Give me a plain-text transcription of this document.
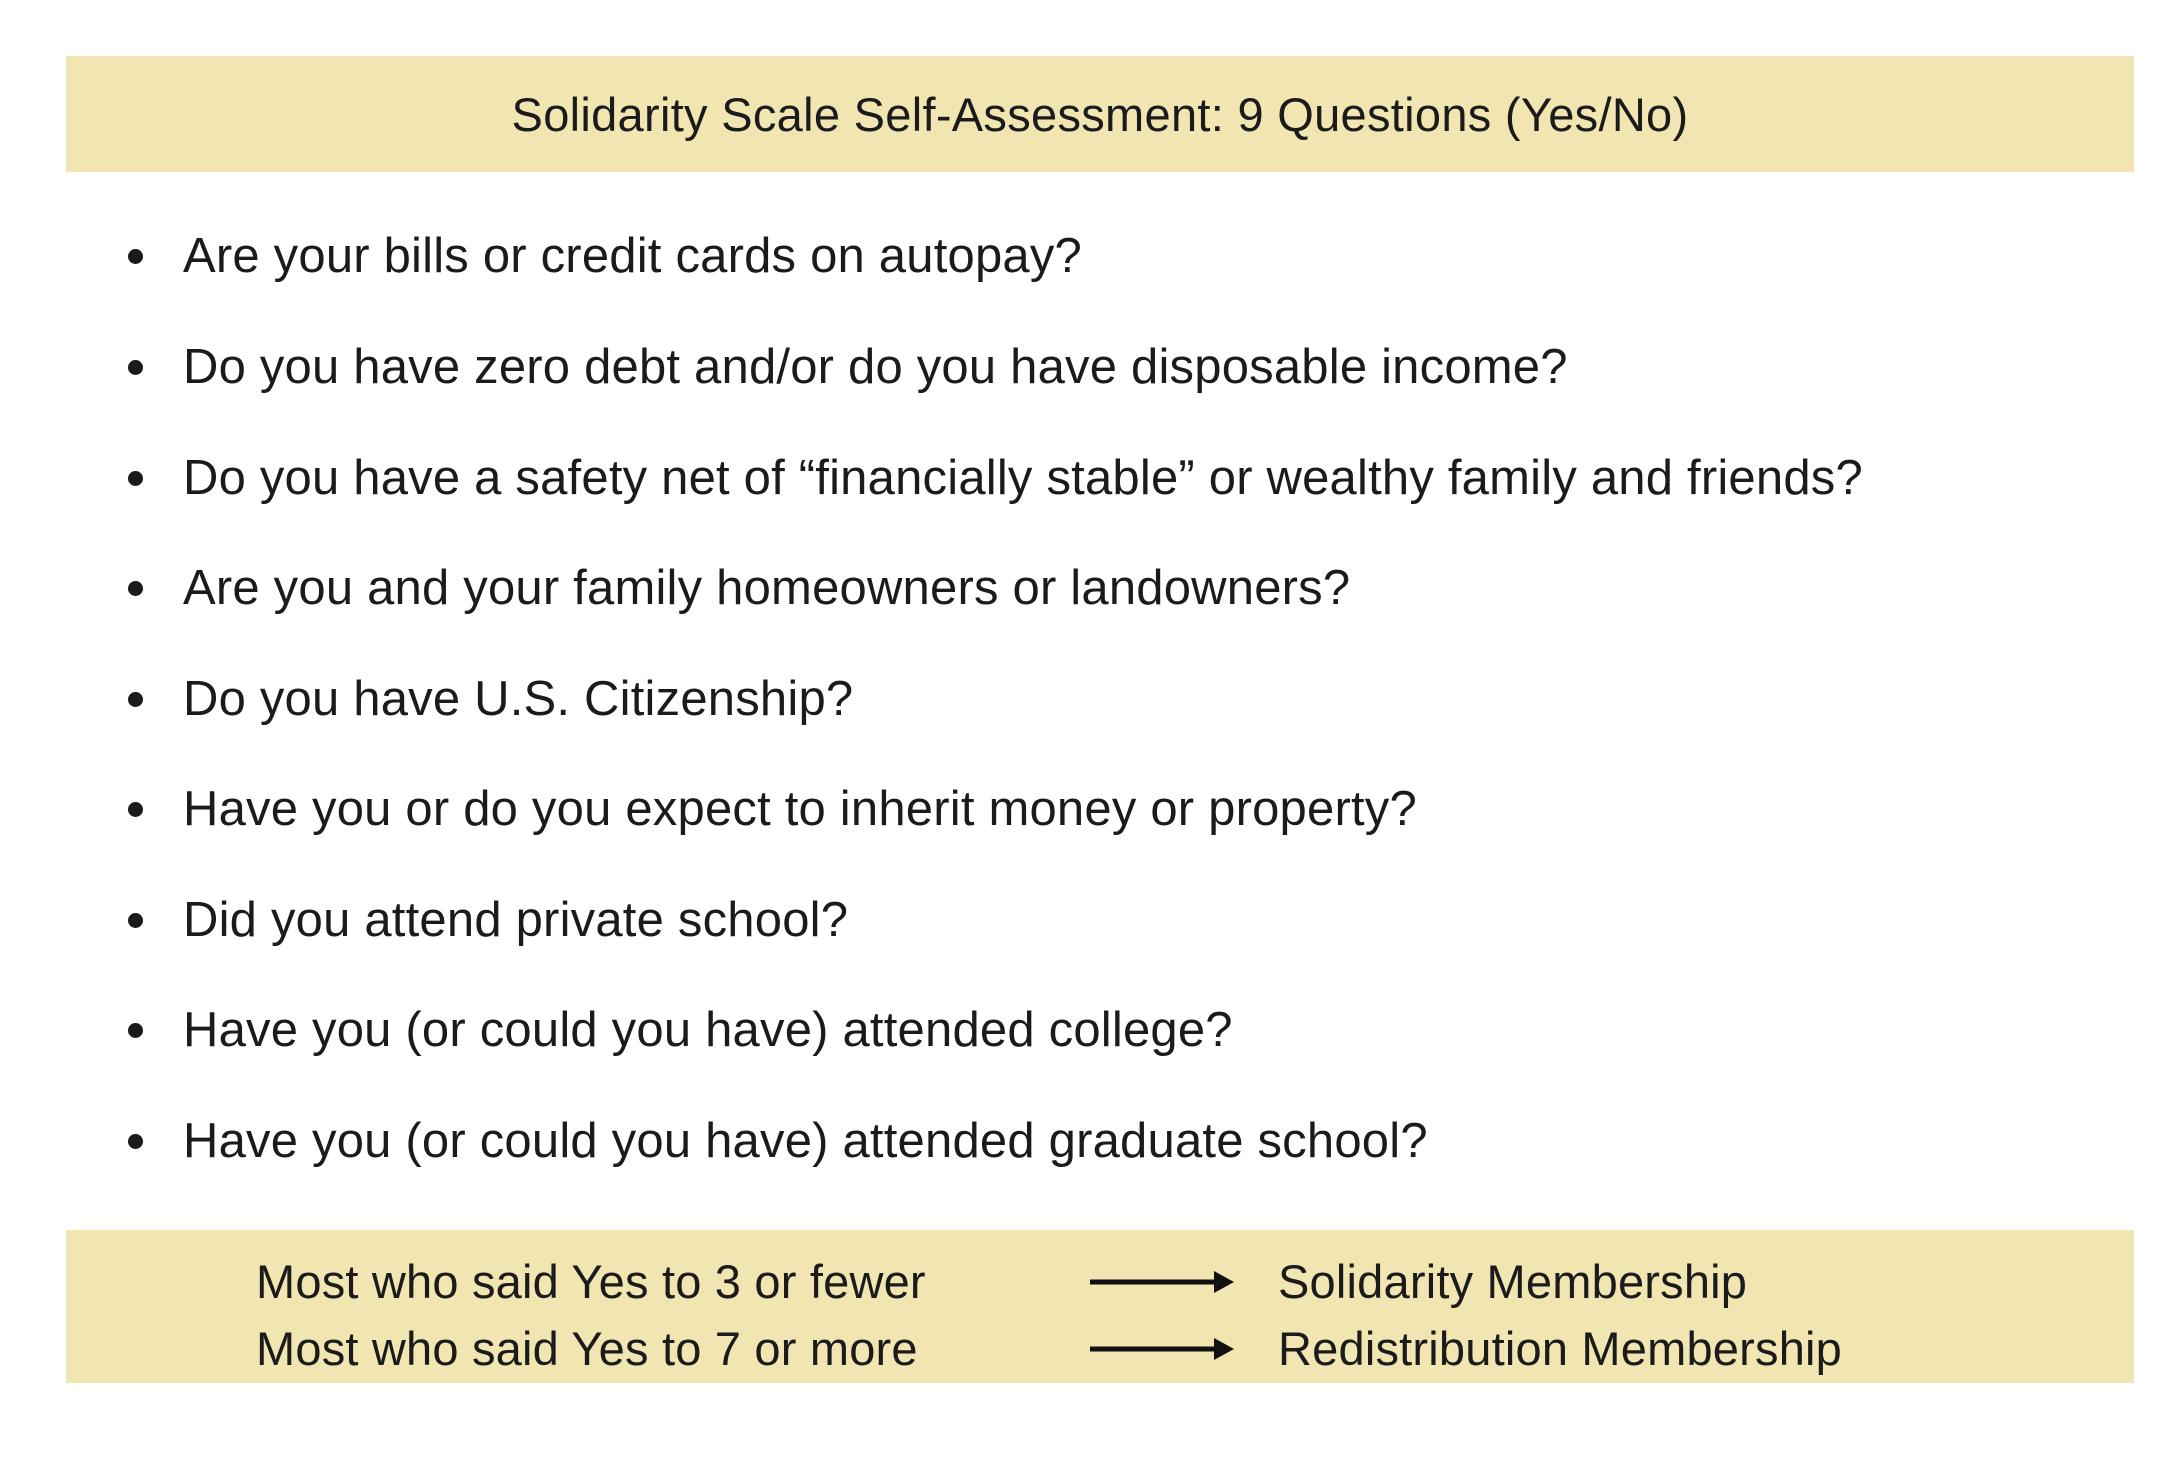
Solidarity Scale Self-Assessment: 9 Questions (Yes/No)
Are your bills or credit cards on autopay?
Do you have zero debt and/or do you have disposable income?
Do you have a safety net of “financially stable” or wealthy family and friends?
Are you and your family homeowners or landowners?
Do you have U.S. Citizenship?
Have you or do you expect to inherit money or property?
Did you attend private school?
Have you (or could you have) attended college?
Have you (or could you have) attended graduate school?
Most who said Yes to 3 or fewer	Solidarity Membership
Most who said Yes to 7 or more	Redistribution Membership
